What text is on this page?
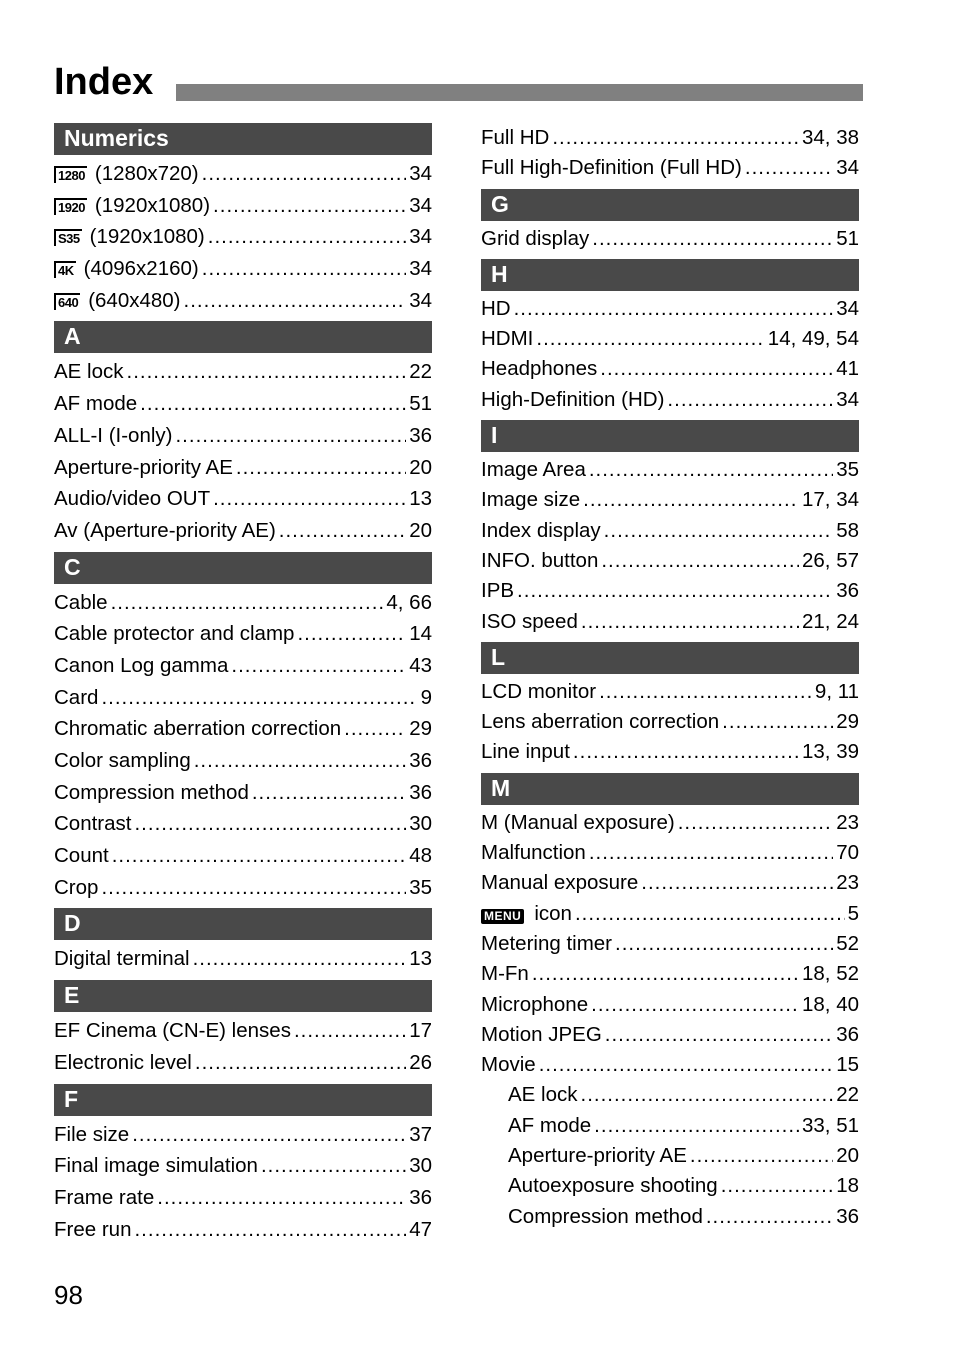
Index
Numerics
1280 (1280x720) .....	34
1920 (1920x1080) .....	34
S35 (1920x1080) .....	34
4K (4096x2160) .....	34
640 (640x480) .....	34
A
AE lock .....	22
AF mode .....	51
ALL-I (I-only) .....	36
Aperture-priority AE .....	20
Audio/video OUT .....	13
Av (Aperture-priority AE) .....	20
C
Cable .....	4, 66
Cable protector and clamp .....	14
Canon Log gamma .....	43
Card .....	9
Chromatic aberration correction .....	29
Color sampling .....	36
Compression method .....	36
Contrast .....	30
Count .....	48
Crop .....	35
D
Digital terminal .....	13
E
EF Cinema (CN-E) lenses .....	17
Electronic level .....	26
F
File size .....	37
Final image simulation .....	30
Frame rate .....	36
Free run .....	47
Full HD .....	34, 38
Full High-Definition (Full HD) .....	34
G
Grid display .....	51
H
HD .....	34
HDMI .....	14, 49, 54
Headphones .....	41
High-Definition (HD) .....	34
I
Image Area .....	35
Image size .....	17, 34
Index display .....	58
INFO. button .....	26, 57
IPB .....	36
ISO speed .....	21, 24
L
LCD monitor .....	9, 11
Lens aberration correction .....	29
Line input .....	13, 39
M
M (Manual exposure) .....	23
Malfunction .....	70
Manual exposure .....	23
MENU icon .....	5
Metering timer .....	52
M-Fn .....	18, 52
Microphone .....	18, 40
Motion JPEG .....	36
Movie .....	15
AE lock .....	22
AF mode .....	33, 51
Aperture-priority AE .....	20
Autoexposure shooting .....	18
Compression method .....	36
98
